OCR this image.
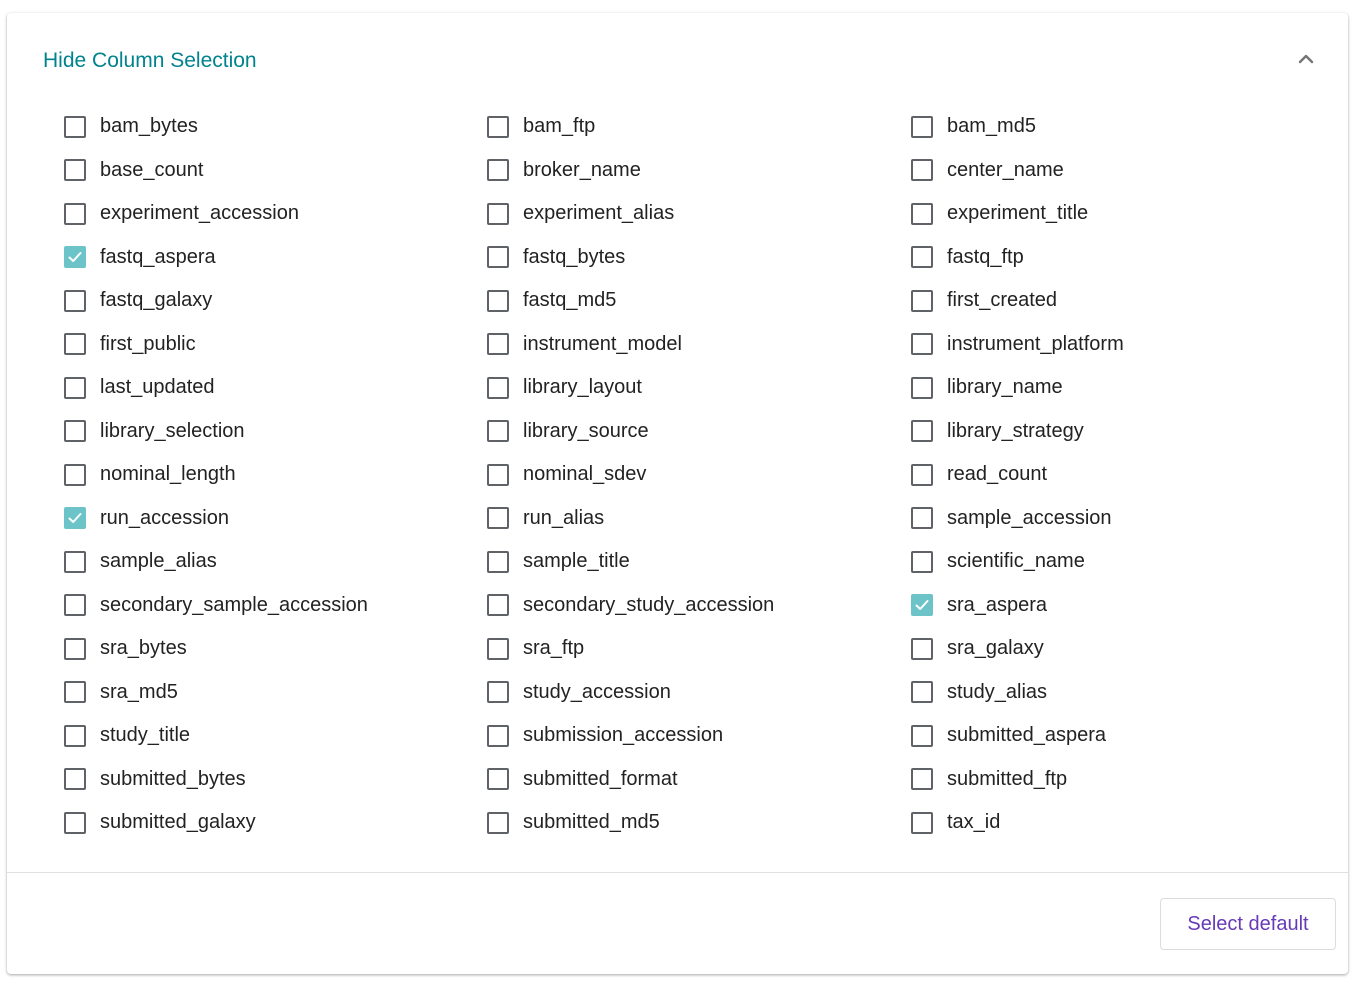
Hide Column Selection
bam_bytes	bam_ftp	bam_md5
base_count	broker_name	center_name
experiment_accession	experiment_alias	experiment_title
fastq_aspera	fastq_bytes	fastq_ftp
fastq_galaxy	fastq_md5	first_created
first_public	instrument_model	instrument_platform
last_updated	library_layout	library_name
library_selection	library_source	library_strategy
nominal_length	nominal_sdev	read_count
run_accession	run_alias	sample_accession
sample_alias	sample_title	scientific_name
secondary_sample_accession	secondary_study_accession	sra_aspera
sra_bytes	sra_ftp	sra_galaxy
sra_md5	study_accession	study_alias
study_title	submission_accession	submitted_aspera
submitted_bytes	submitted_format	submitted_ftp
submitted_galaxy	submitted_md5	tax_id
Select default
